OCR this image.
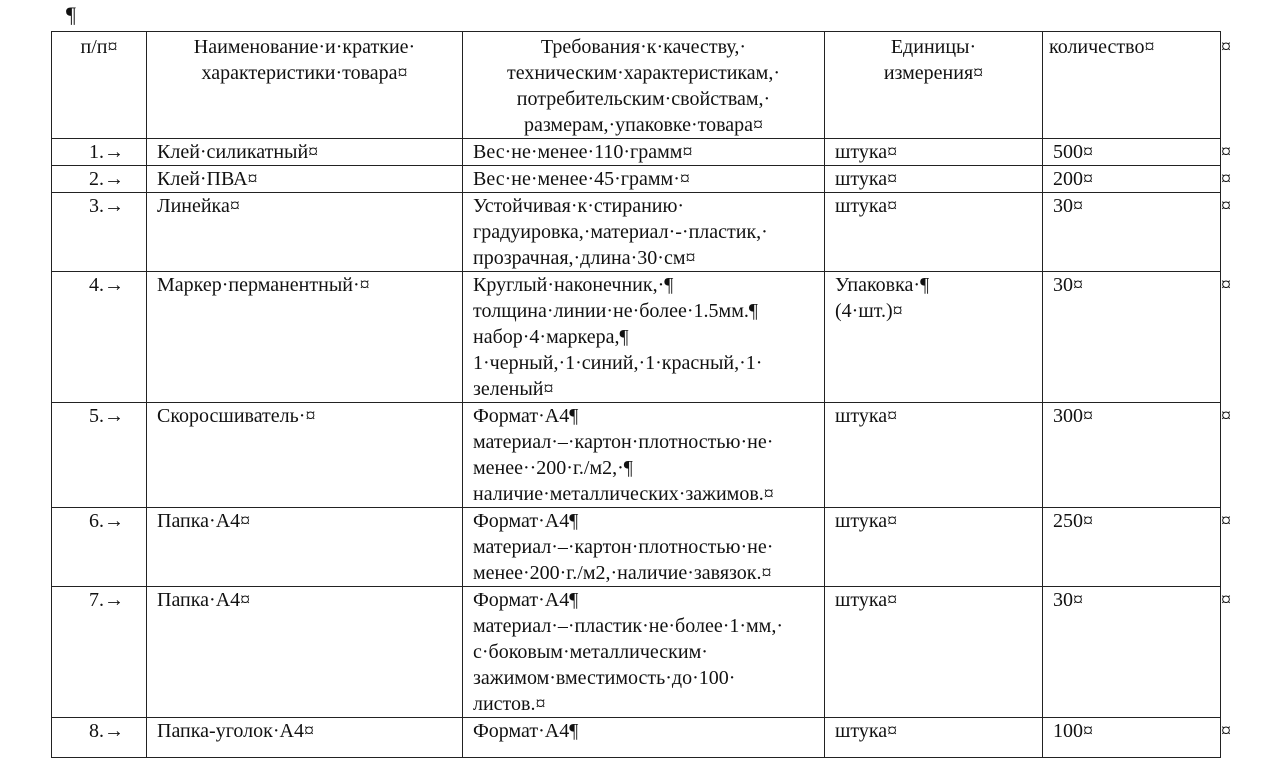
¶
п/п¤	Наименование·и·краткие·
характеристики·товара¤	Требования·к·качеству,·
техническим·характеристикам,·
потребительским·свойствам,·
размерам,·упаковке·товара¤	Единицы·
измерения¤	количество¤

1.→	Клей·силикатный¤	Вес·не·менее·110·грамм¤	штука¤	500¤
2.→	Клей·ПВА¤	Вес·не·менее·45·грамм·¤	штука¤	200¤
3.→	Линейка¤	Устойчивая·к·стиранию·
градуировка,·материал·-·пластик,·
прозрачная,·длина·30·см¤	штука¤	30¤
4.→	Маркер·перманентный·¤	Круглый·наконечник,·¶
толщина·линии·не·более·1.5мм.¶
набор·4·маркера,¶
1·черный,·1·синий,·1·красный,·1·
зеленый¤	Упаковка·¶
(4·шт.)¤	30¤
5.→	Скоросшиватель·¤	Формат·А4¶
материал·–·картон·плотностью·не·
менее··200·г./м2,·¶
наличие·металлических·зажимов.¤	штука¤	300¤
6.→	Папка·А4¤	Формат·А4¶
материал·–·картон·плотностью·не·
менее·200·г./м2,·наличие·завязок.¤	штука¤	250¤
7.→	Папка·А4¤	Формат·А4¶
материал·–·пластик·не·более·1·мм,·
с·боковым·металлическим·
зажимом·вместимость·до·100·
листов.¤	штука¤	30¤
8.→	Папка-уголок·А4¤	Формат·А4¶	штука¤	100¤
¤
¤
¤
¤
¤
¤
¤
¤
¤
